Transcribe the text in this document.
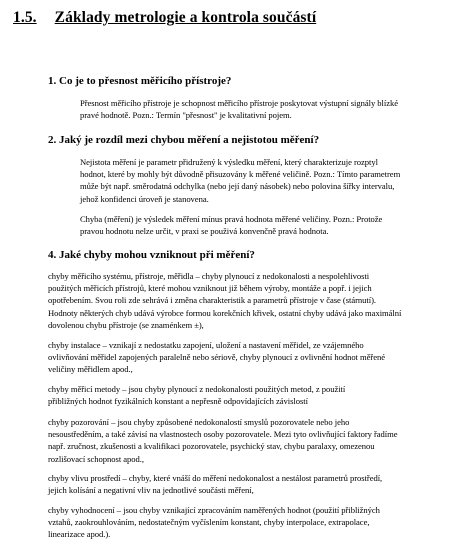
1.5. Základy metrologie a kontrola součástí
1. Co je to přesnost měřicího přístroje?
Přesnost měřicího přístroje je schopnost měřicího přístroje poskytovat výstupní signály blízké
pravé hodnotě. Pozn.: Termín "přesnost" je kvalitativní pojem.
2. Jaký je rozdíl mezi chybou měření a nejistotou měření?
Nejistota měření je parametr přidružený k výsledku měření, který charakterizuje rozptyl
hodnot, které by mohly být důvodně přisuzovány k měřené veličině. Pozn.: Tímto parametrem
může být např. směrodatná odchylka (nebo její daný násobek) nebo polovina šířky intervalu,
jehož konfidenci úroveň je stanovena.
Chyba (měření) je výsledek měření mínus pravá hodnota měřené veličiny. Pozn.: Protože
pravou hodnotu nelze určit, v praxi se použivá konvenčně pravá hodnota.
4. Jaké chyby mohou vzniknout při měření?
chyby měřicího systému, přístroje, měřidla – chyby plynoucí z nedokonalosti a nespolehlivosti
použitých měřicích přístrojů, které mohou vzniknout již během výroby, montáže a popř. i jejich
opotřebením. Svou roli zde sehrává i změna charakteristik a parametrů přístroje v čase (stárnutí).
Hodnoty některých chyb udává výrobce formou korekčních křivek, ostatní chyby udává jako maximální
dovolenou chybu přístroje (se znaménkem ±),
chyby instalace – vznikají z nedostatku zapojení, uložení a nastavení měřidel, ze vzájemného
ovlivňování měřidel zapojených paralelně nebo sériově, chyby plynoucí z ovlivnění hodnot měřené
veličiny měřidlem apod.,
chyby měřicí metody – jsou chyby plynoucí z nedokonalosti použitých metod, z použití
přibližných hodnot fyzikálních konstant a nepřesně odpovídajících závislostí
chyby pozorování – jsou chyby způsobené nedokonalostí smyslů pozorovatele nebo jeho
nesoustředěním, a také závisí na vlastnostech osoby pozorovatele. Mezi tyto ovlivňující faktory řadíme
např. zručnost, zkušenosti a kvalifikaci pozorovatele, psychický stav, chybu paralaxy, omezenou
rozlišovací schopnost apod.,
chyby vlivu prostředí – chyby, které vnáší do měření nedokonalost a nestálost parametrů prostředí,
jejich kolísání a negativní vliv na jednotlivé součásti měření,
chyby vyhodnocení – jsou chyby vznikající zpracováním naměřených hodnot (použití přibližných
vztahů, zaokrouhlováním, nedostatečným vyčíslením konstant, chyby interpolace, extrapolace,
linearizace apod.).
